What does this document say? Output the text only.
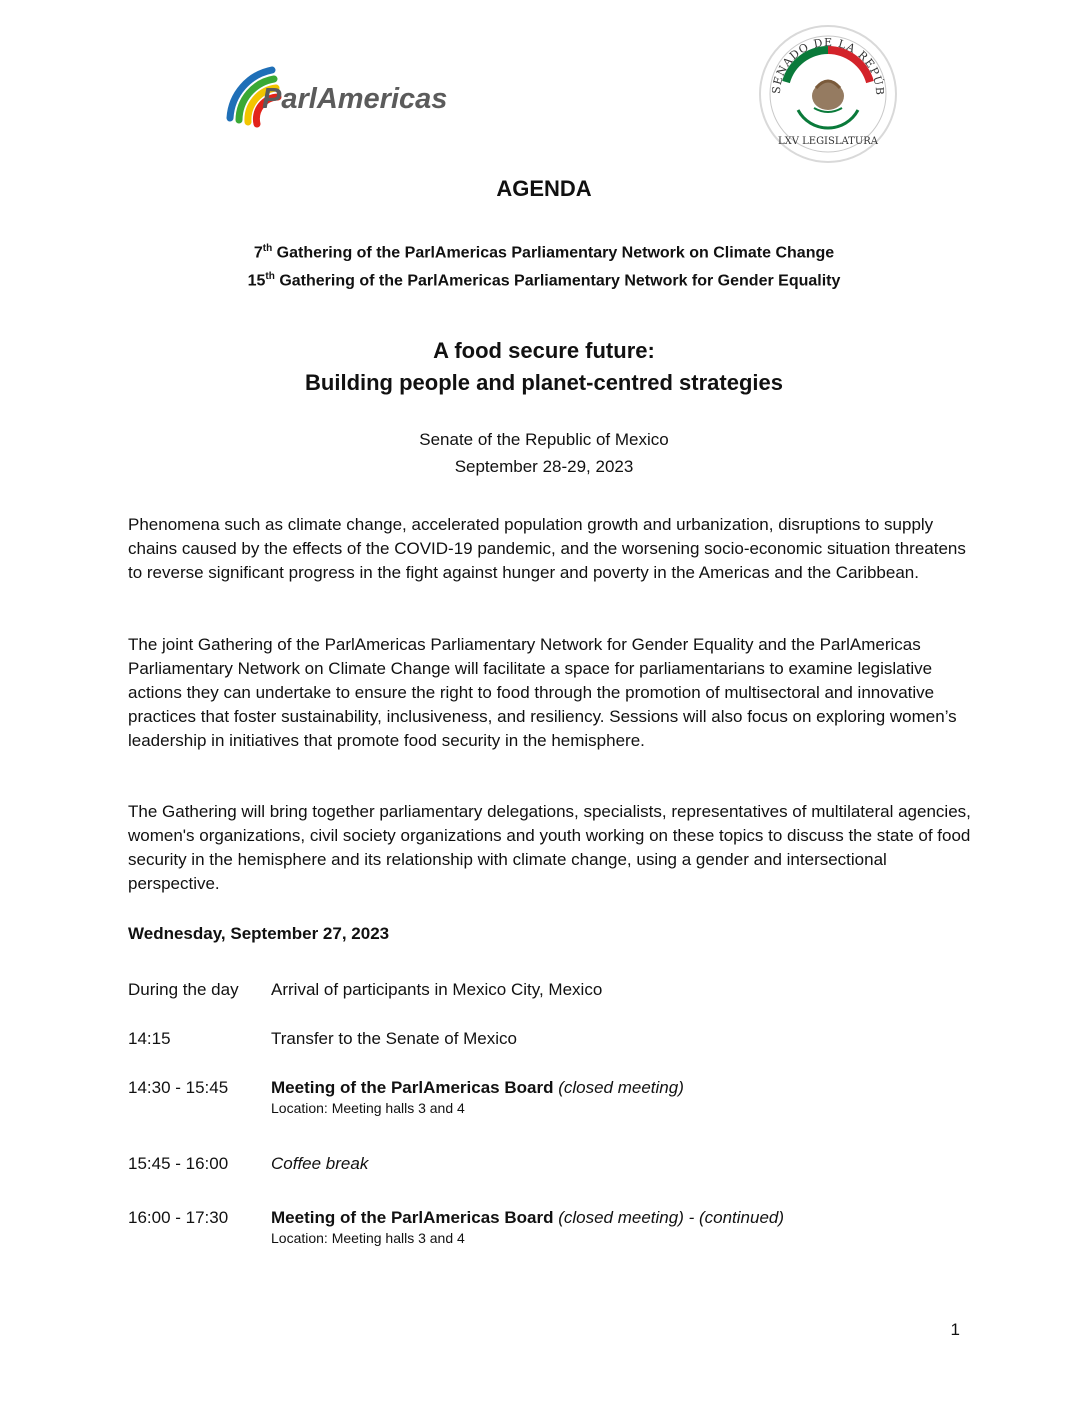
ParlAmericas	SENADO DE LA REPÚB
LXV LEGISLATURA
AGENDA
7th Gathering of the ParlAmericas Parliamentary Network on Climate Change
15th Gathering of the ParlAmericas Parliamentary Network for Gender Equality
A food secure future:
Building people and planet-centred strategies
Senate of the Republic of Mexico
September 28-29, 2023

Phenomena such as climate change, accelerated population growth and urbanization, disruptions to supply chains caused by the effects of the COVID-19 pandemic, and the worsening socio-economic situation threatens to reverse significant progress in the fight against hunger and poverty in the Americas and the Caribbean.

The joint Gathering of the ParlAmericas Parliamentary Network for Gender Equality and the ParlAmericas Parliamentary Network on Climate Change will facilitate a space for parliamentarians to examine legislative actions they can undertake to ensure the right to food through the promotion of multisectoral and innovative practices that foster sustainability, inclusiveness, and resiliency. Sessions will also focus on exploring women’s leadership in initiatives that promote food security in the hemisphere.

The Gathering will bring together parliamentary delegations, specialists, representatives of multilateral agencies, women's organizations, civil society organizations and youth working on these topics to discuss the state of food security in the hemisphere and its relationship with climate change, using a gender and intersectional perspective.

Wednesday, September 27, 2023
During the day	Arrival of participants in Mexico City, Mexico
14:15	Transfer to the Senate of Mexico
14:30 - 15:45	Meeting of the ParlAmericas Board (closed meeting)
Location: Meeting halls 3 and 4
15:45 - 16:00	Coffee break
16:00 - 17:30	Meeting of the ParlAmericas Board (closed meeting) - (continued)
Location: Meeting halls 3 and 4
1
